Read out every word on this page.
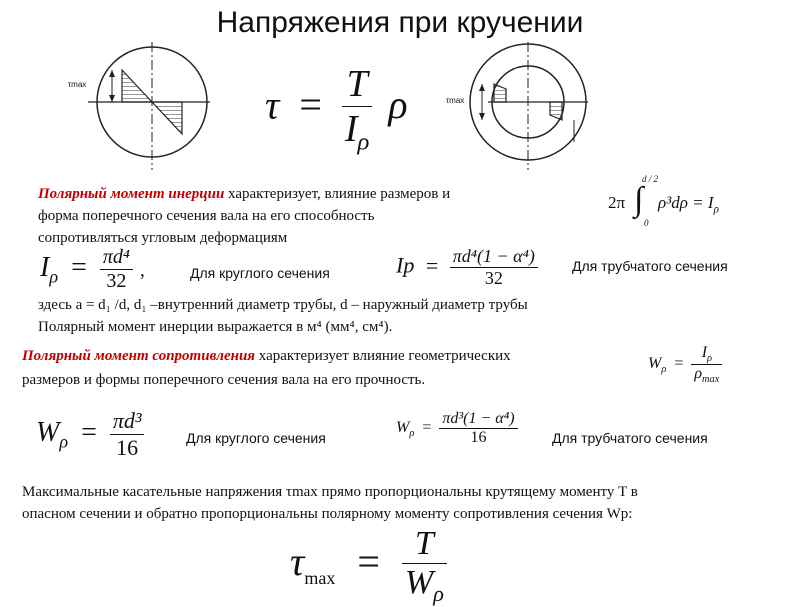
Напряжения при кручении
τmax
τmax
$\tau = \frac{T}{I_\rho}$ ρ
Полярный момент инерции характеризует, влияние размеров и
форма поперечного сечения вала на его способность
сопротивляться угловым деформациям
2π ∫
d / 2
0
$\rho^3d\rho = I_\rho$
$I_\rho = \frac{\text{πd⁴}}{32}$ ,	Для круглого сечения	$Ip = \frac{\text{πd⁴(1 − α⁴)}}{32}$ Для трубчатого сечения
здесь a = d₁ /d, d₁ –внутренний диаметр трубы, d – наружный диаметр трубы
Полярный момент инерции выражается в м⁴ (мм⁴, см⁴).
Полярный момент сопротивления характеризует влияние геометрических
размеров и формы поперечного сечения вала на его прочность.
$W_\rho = \frac{I_\rho}{\rho_{max}}$
$W_\rho = \frac{\text{πd³}}{16}$	Для круглого сечения
$W_\rho = \frac{\text{πd³(1 − α⁴)}}{16}$ Для трубчатого сечения
Максимальные касательные напряжения τmax прямо пропорциональны крутящему моменту T в
опасном сечении и обратно пропорциональны полярному моменту сопротивления сечения Wp:
$\tau_{max} = \frac{T}{W_\rho}$
